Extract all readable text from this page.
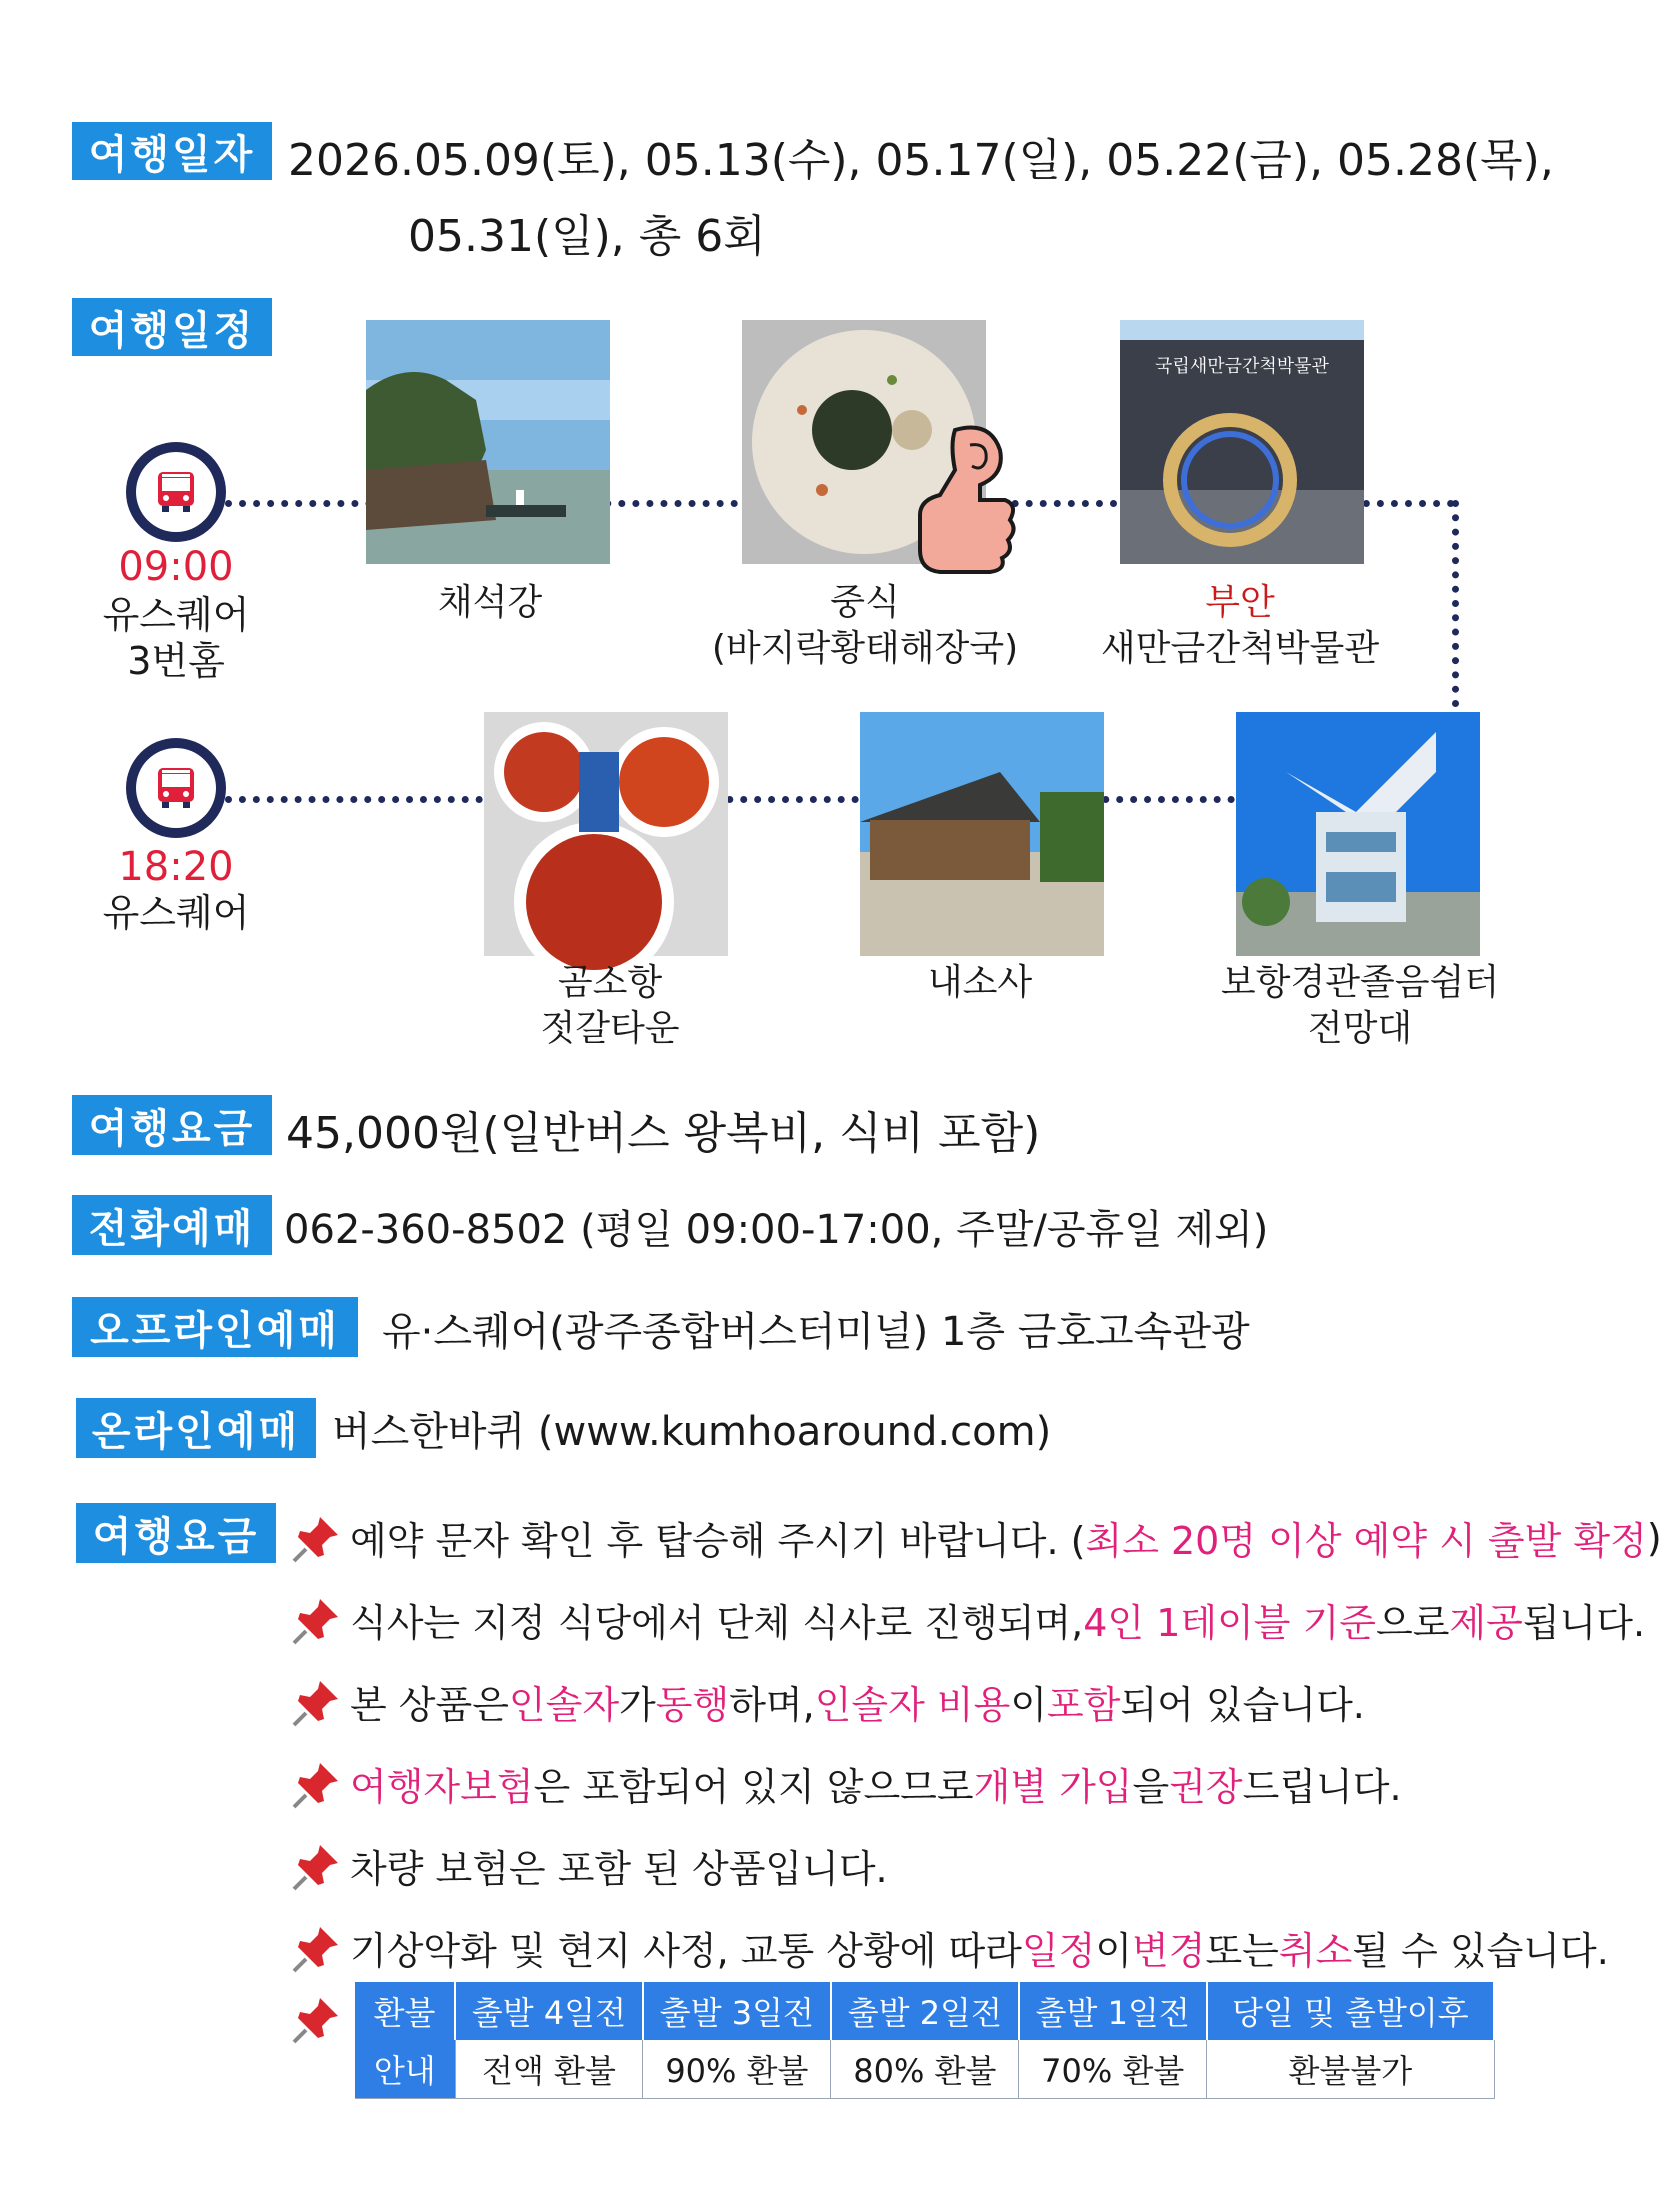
여행일자 2026.05.09(토), 05.13(수), 05.17(일), 05.22(금), 05.28(목),
05.31(일), 총 6회
여행일정
09:00
유스퀘어
3번홈
18:20
유스퀘어
채석강	중식
(바지락황태해장국)
국립새만금간척박물관
부안
새만금간척박물관
보항경관졸음쉼터
전망대
내소사
곰소항
젓갈타운
여행요금 45,000원(일반버스 왕복비, 식비 포함)
전화예매 062-360-8502 (평일 09:00-17:00, 주말/공휴일 제외)
오프라인예매	유·스퀘어(광주종합버스터미널) 1층 금호고속관광
온라인예매 버스한바퀴 (www.kumhoaround.com)
여행요금	예약 문자 확인 후 탑승해 주시기 바랍니다. ( 최소 20명 이상 예약 시 출발 확정 )
식사는 지정 식당에서 단체 식사로 진행되며, 4인 1테이블 기준 으로 제공 됩니다.
본 상품은 인솔자 가 동행 하며, 인솔자 비용 이 포함 되어 있습니다.
여행자보험 은 포함되어 있지 않으므로 개별 가입 을 권장 드립니다.
차량 보험은 포함 된 상품입니다.
기상악화 및 현지 사정, 교통 상황에 따라 일정 이 변경 또는 취소 될 수 있습니다.
환불	출발 4일전	출발 3일전	출발 2일전	출발 1일전	당일 및 출발이후
안내	전액 환불	90% 환불	80% 환불	70% 환불	환불불가
